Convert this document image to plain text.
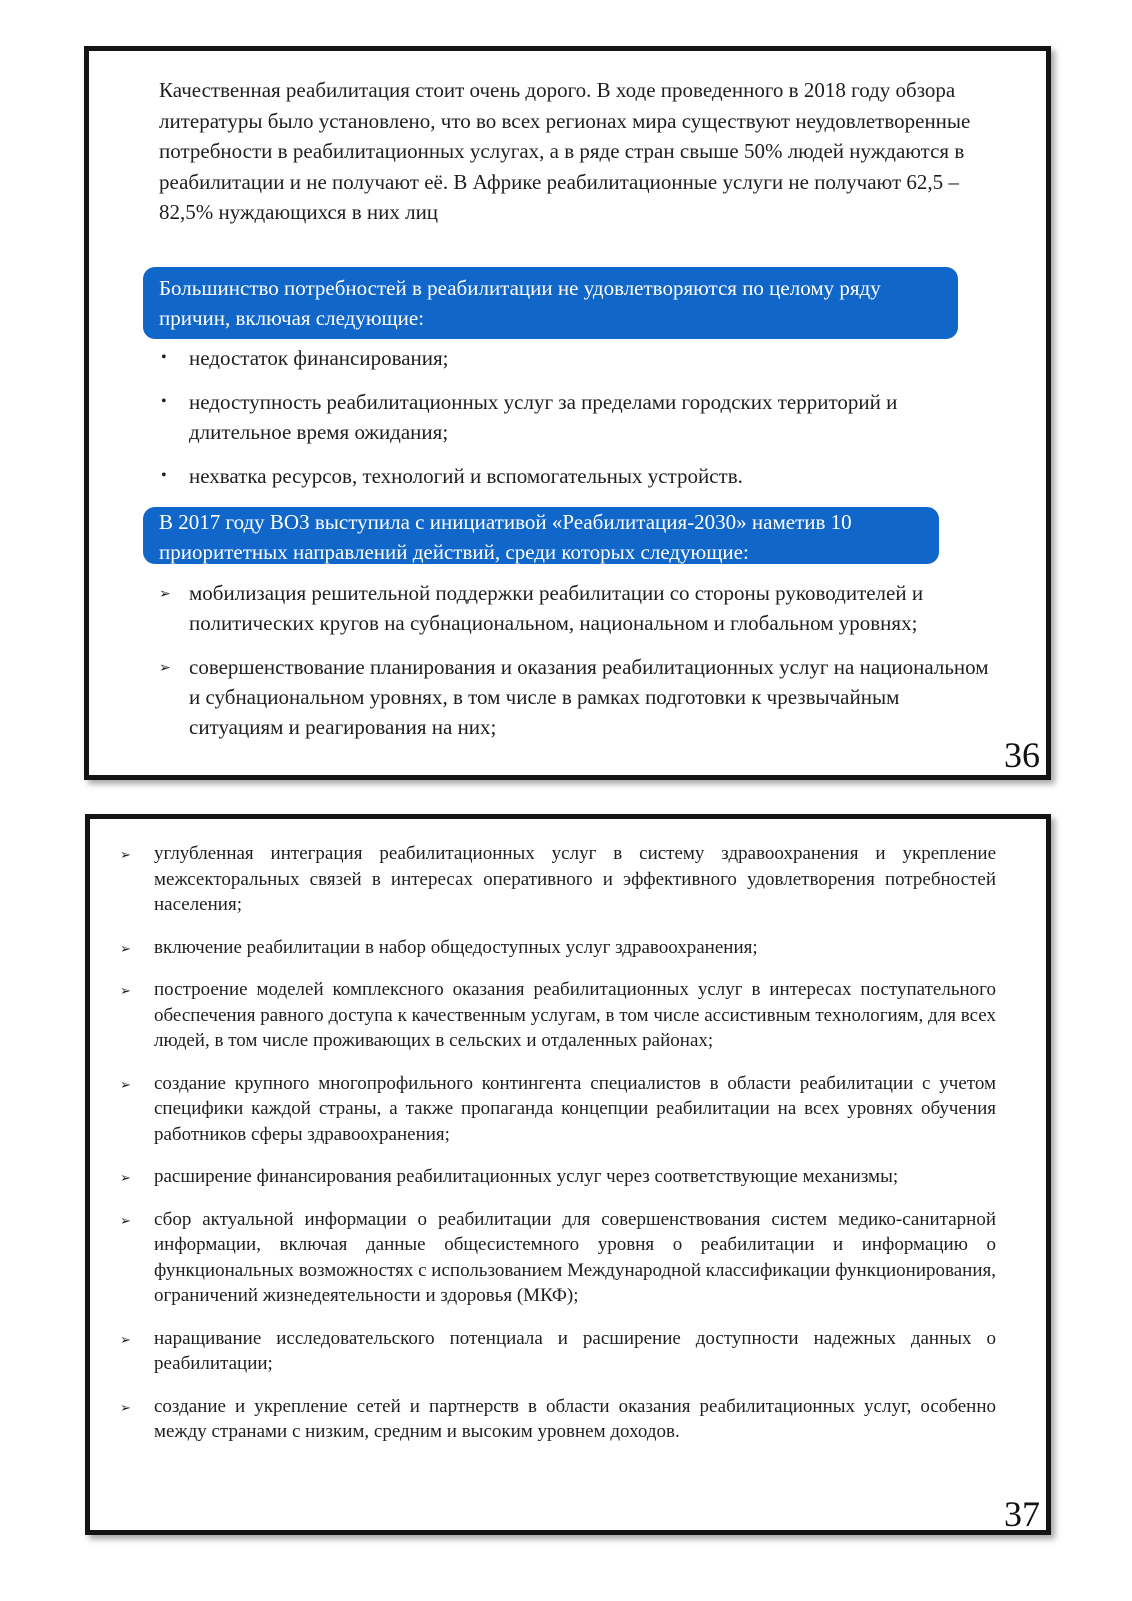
Качественная реабилитация стоит очень дорого. В ходе проведенного в 2018 году обзора литературы было установлено, что во всех регионах мира существуют неудовлетворенные потребности в реабилитационных услугах, а в ряде стран свыше 50% людей нуждаются в реабилитации и не получают её. В Африке реабилитационные услуги не получают 62,5 – 82,5% нуждающихся в них лиц

Большинство потребностей в реабилитации не удовлетворяются по целому ряду причин, включая следующие:
• недостаток финансирования;
• недоступность реабилитационных услуг за пределами городских территорий и длительное время ожидания;
• нехватка ресурсов, технологий и вспомогательных устройств.
В 2017 году ВОЗ выступила с инициативой «Реабилитация-2030» наметив 10 приоритетных направлений действий, среди которых следующие:
➢ мобилизация решительной поддержки реабилитации со стороны руководителей и политических кругов на субнациональном, национальном и глобальном уровнях;
➢ совершенствование планирования и оказания реабилитационных услуг на национальном и субнациональном уровнях, в том числе в рамках подготовки к чрезвычайным ситуациям и реагирования на них;
36
➢ углубленная интеграция реабилитационных услуг в систему здравоохранения и укрепление межсекторальных связей в интересах оперативного и эффективного удовлетворения потребностей населения;
➢ включение реабилитации в набор общедоступных услуг здравоохранения;
➢ построение моделей комплексного оказания реабилитационных услуг в интересах поступательного обеспечения равного доступа к качественным услугам, в том числе ассистивным технологиям, для всех людей, в том числе проживающих в сельских и отдаленных районах;
➢ создание крупного многопрофильного контингента специалистов в области реабилитации с учетом специфики каждой страны, а также пропаганда концепции реабилитации на всех уровнях обучения работников сферы здравоохранения;
➢ расширение финансирования реабилитационных услуг через соответствующие механизмы;
➢ сбор актуальной информации о реабилитации для совершенствования систем медико-санитарной информации, включая данные общесистемного уровня о реабилитации и информацию о функциональных возможностях с использованием Международной классификации функционирования, ограничений жизнедеятельности и здоровья (МКФ);
➢ наращивание исследовательского потенциала и расширение доступности надежных данных о реабилитации;
➢ создание и укрепление сетей и партнерств в области оказания реабилитационных услуг, особенно между странами с низким, средним и высоким уровнем доходов.
37
